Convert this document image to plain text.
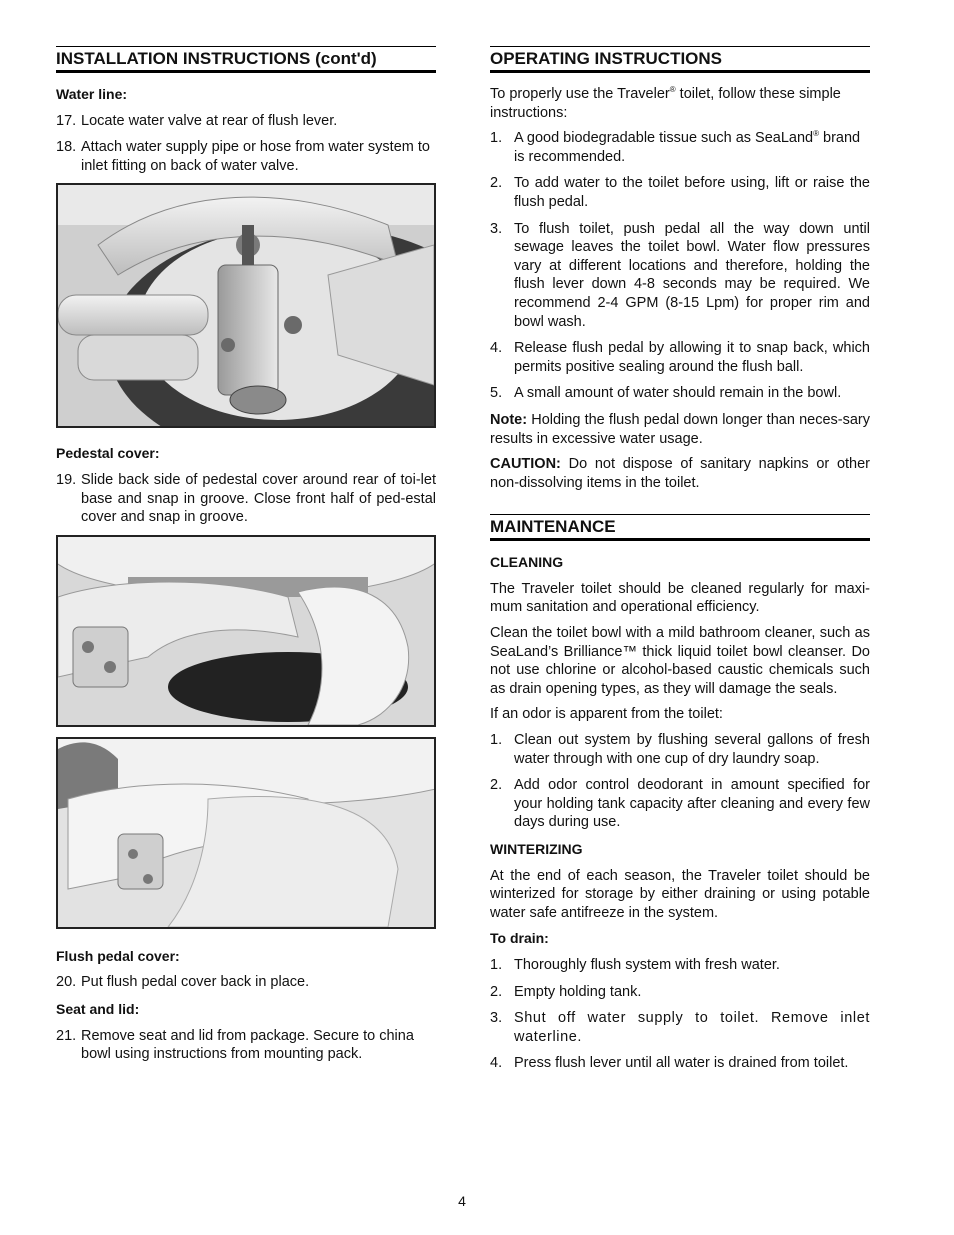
INSTALLATION INSTRUCTIONS (cont'd)
Water line:
17. Locate water valve at rear of flush lever.
18. Attach water supply pipe or hose from water system to inlet fitting on back of water valve.
Pedestal cover:
19. Slide back side of pedestal cover around rear of toi-let base and snap in groove. Close front half of ped-estal cover and snap in groove.
Flush pedal cover:
20. Put flush pedal cover back in place.
Seat and lid:
21. Remove seat and lid from package. Secure to china bowl using instructions from mounting pack.
OPERATING INSTRUCTIONS

To properly use the Traveler® toilet, follow these simple instructions:

1. A good biodegradable tissue such as SeaLand® brand is recommended.
2. To add water to the toilet before using, lift or raise the flush pedal.
3. To flush toilet, push pedal all the way down until sewage leaves the toilet bowl. Water flow pressures vary at different locations and therefore, holding the flush lever down 4-8 seconds may be required. We recommend 2-4 GPM (8-15 Lpm) for proper rim and bowl wash.
4. Release flush pedal by allowing it to snap back, which permits positive sealing around the flush ball.
5. A small amount of water should remain in the bowl.

Note: Holding the flush pedal down longer than neces-sary results in excessive water usage.

CAUTION: Do not dispose of sanitary napkins or other non-dissolving items in the toilet.

MAINTENANCE
CLEANING

The Traveler toilet should be cleaned regularly for maxi-mum sanitation and operational efficiency.

Clean the toilet bowl with a mild bathroom cleaner, such as SeaLand’s Brilliance™ thick liquid toilet bowl cleanser. Do not use chlorine or alcohol-based caustic chemicals such as drain opening types, as they will damage the seals.

If an odor is apparent from the toilet:

1. Clean out system by flushing several gallons of fresh water through with one cup of dry laundry soap.
2. Add odor control deodorant in amount specified for your holding tank capacity after cleaning and every few days during use.
WINTERIZING

At the end of each season, the Traveler toilet should be winterized for storage by either draining or using potable water safe antifreeze in the system.

To drain:
1. Thoroughly flush system with fresh water.
2. Empty holding tank.
3. Shut off water supply to toilet. Remove inlet waterline.
4. Press flush lever until all water is drained from toilet.
4
